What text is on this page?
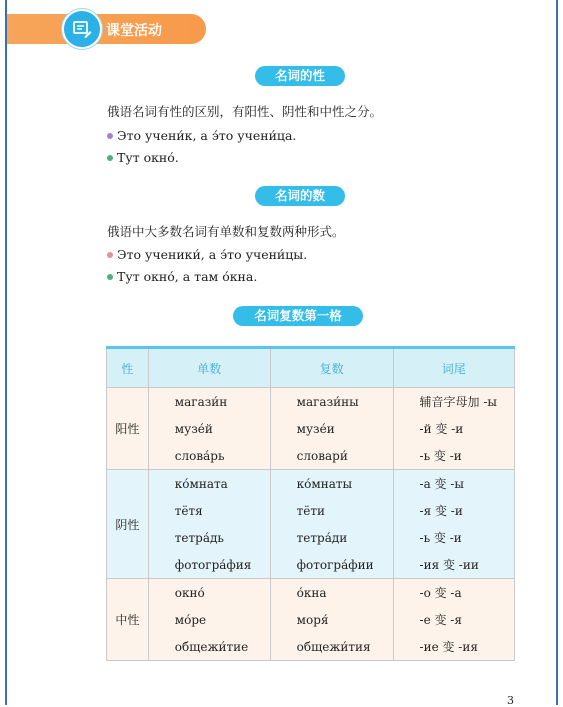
课堂活动
名词的性
俄语名词有性的区别，有阳性、阴性和中性之分。
Это учени́к, а э́то учени́ца.
Тут окно́.
名词的数
俄语中大多数名词有单数和复数两种形式。
Это ученики́, а э́то учени́цы.
Тут окно́, а там о́кна.
名词复数第一格
性	单数	复数	词尾
阳性	магази́н	магази́ны	辅音字母加 -ы
	музе́й	музе́и	-й 变 -и
	слова́рь	словари́	-ь 变 -и
阴性	ко́мната	ко́мнаты	-а 变 -ы
	тётя	тёти	-я 变 -и
	тетра́дь	тетра́ди	-ь 变 -и
	фотогра́фия	фотогра́фии	-ия 变 -ии
中性	окно́	о́кна	-о 变 -а
	мо́ре	моря́	-е 变 -я
	общежи́тие	общежи́тия	-ие 变 -ия
3
